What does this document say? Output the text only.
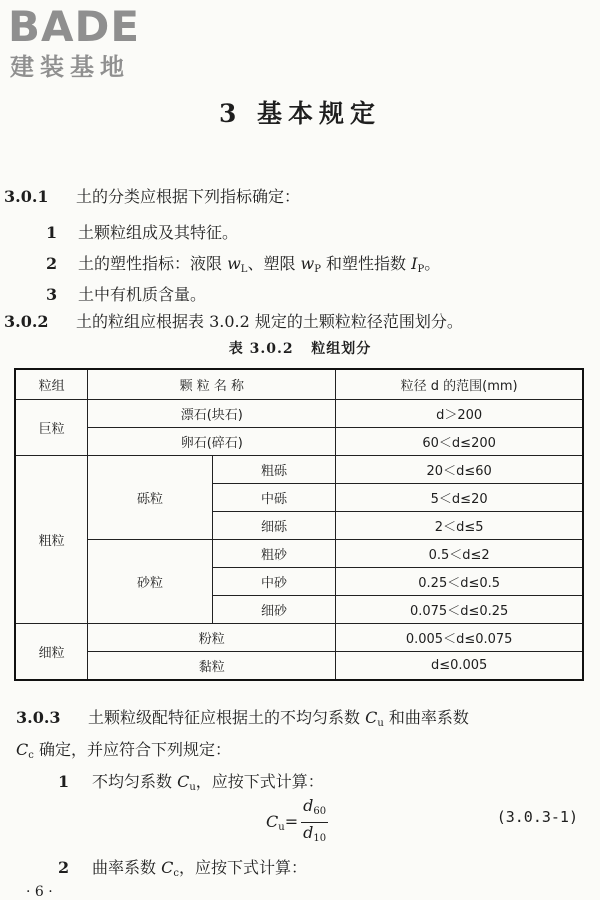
BADE
建装基地
3 基本规定
3.0.1 土的分类应根据下列指标确定：
1 土颗粒组成及其特征。
2 土的塑性指标：液限 $w_L$、塑限 $w_P$ 和塑性指数 $I_P$。
3 土中有机质含量。
3.0.2 土的粒组应根据表 3.0.2 规定的土颗粒粒径范围划分。
表 3.0.2 粒组划分
粒组	颗 粒 名 称		粒径 d 的范围(mm)
巨粒	漂石(块石)		d＞200
	卵石(碎石)		60＜d≤200
粗粒	砾粒	粗砾	20＜d≤60
		中砾	5＜d≤20
		细砾	2＜d≤5
	砂粒	粗砂	0.5＜d≤2
		中砂	0.25＜d≤0.5
		细砂	0.075＜d≤0.25
细粒	粉粒		0.005＜d≤0.075
	黏粒		d≤0.005
3.0.3 土颗粒级配特征应根据土的不均匀系数 $C_u$ 和曲率系数
$C_c$ 确定，并应符合下列规定：
1 不均匀系数 $C_u$，应按下式计算：
$C_u= \frac{d_{60}}{d_{10}}$	(3.0.3-1)
2 曲率系数 $C_c$，应按下式计算：
· 6 ·
